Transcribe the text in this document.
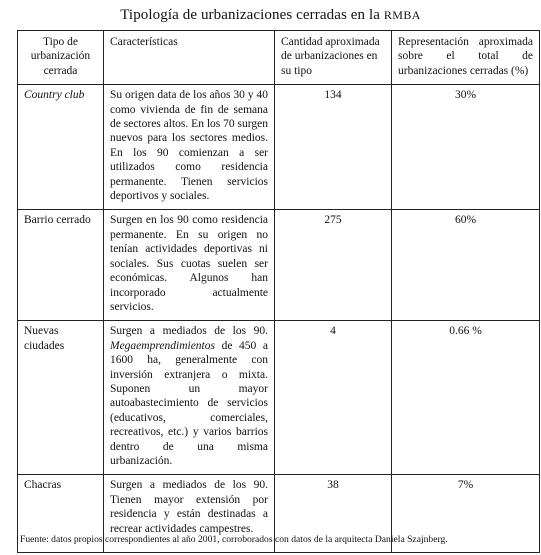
Tipología de urbanizaciones cerradas en la RMBA
Tipo de urbanización cerrada	Características	Cantidad aproximada de urbanizaciones en su tipo	Representación aproximada sobre el total de urbanizaciones cerradas (%)
Country club	Su origen data de los años 30 y 40 como vivienda de fin de semana de sectores altos. En los 70 surgen nuevos para los sectores medios. En los 90 comienzan a ser utilizados como residencia permanente. Tienen servicios deportivos y sociales.	134	30%
Barrio cerrado	Surgen en los 90 como residencia permanente. En su origen no tenían actividades deportivas ni sociales. Sus cuotas suelen ser económicas. Algunos han incorporado actualmente servicios.	275	60%
Nuevas ciudades	Surgen a mediados de los 90. Megaemprendimientos de 450 a 1600 ha, generalmente con inversión extranjera o mixta. Suponen un mayor autoabastecimiento de servicios (educativos, comerciales, recreativos, etc.) y varios barrios dentro de una misma urbanización.	4	0.66 %
Chacras	Surgen a mediados de los 90. Tienen mayor extensión por residencia y están destinadas a recrear actividades campestres.	38	7%
Fuente: datos propios correspondientes al año 2001, corroborados con datos de la arquitecta Daniela Szajnberg.
